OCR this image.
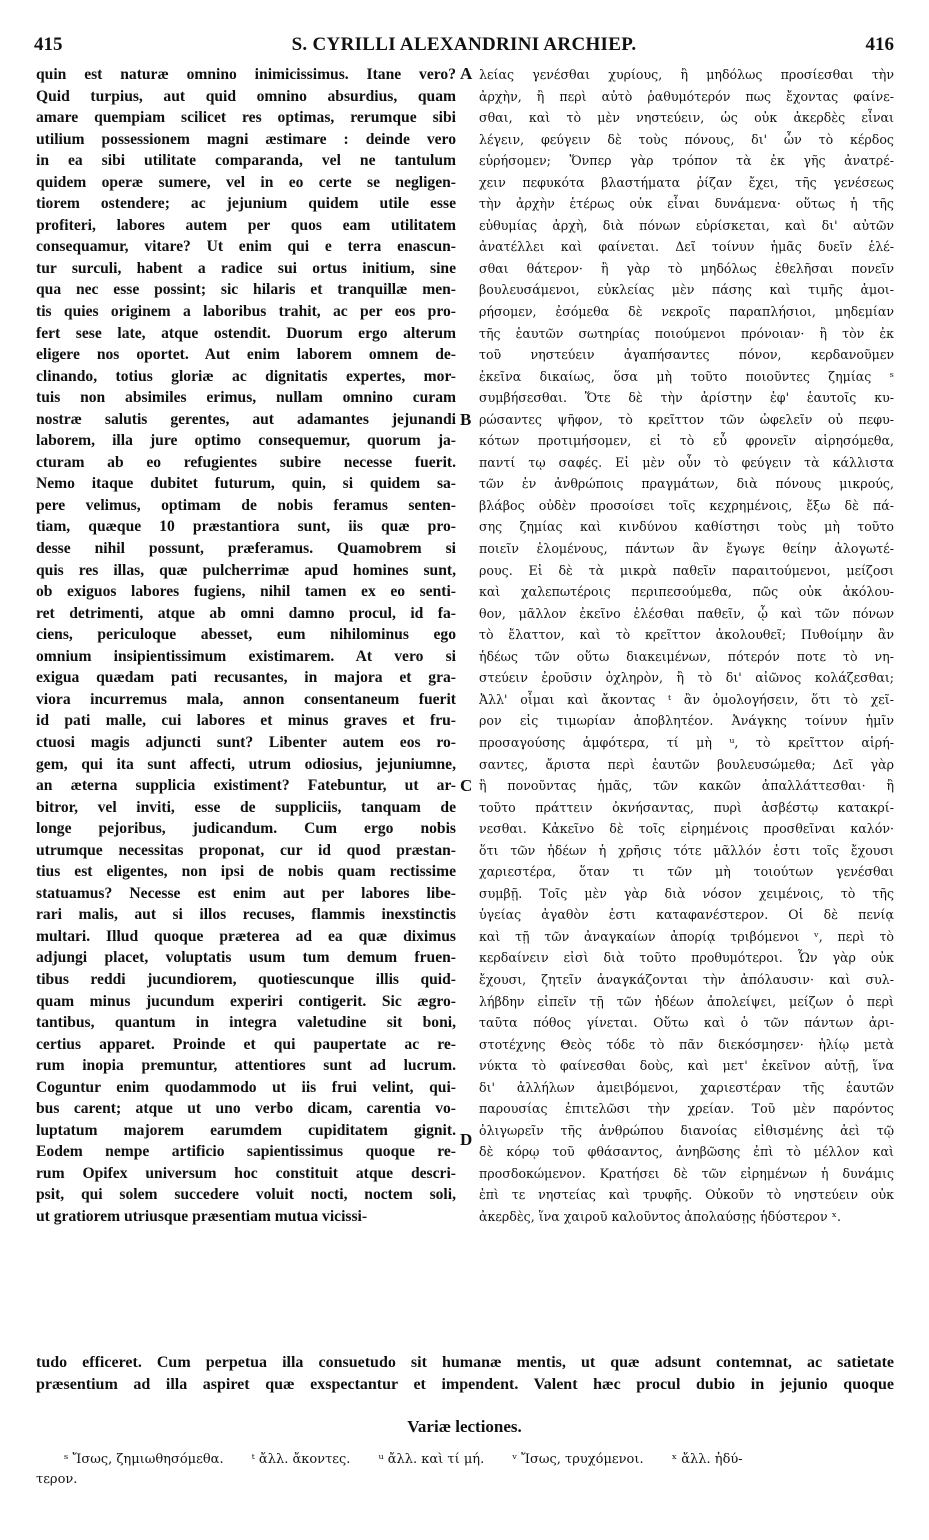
415	S. CYRILLI ALEXANDRINI ARCHIEP.	416
quin est naturæ omnino inimicissimus. Itane vero?
Quid turpius, aut quid omnino absurdius, quam
amare quempiam scilicet res optimas, rerumque sibi
utilium possessionem magni æstimare : deinde vero
in ea sibi utilitate comparanda, vel ne tantulum
quidem operæ sumere, vel in eo certe se negligen-
tiorem ostendere; ac jejunium quidem utile esse
profiteri, labores autem per quos eam utilitatem
consequamur, vitare? Ut enim qui e terra enascun-
tur surculi, habent a radice sui ortus initium, sine
qua nec esse possint; sic hilaris et tranquillæ men-
tis quies originem a laboribus trahit, ac per eos pro-
fert sese late, atque ostendit. Duorum ergo alterum
eligere nos oportet. Aut enim laborem omnem de-
clinando, totius gloriæ ac dignitatis expertes, mor-
tuis non absimiles erimus, nullam omnino curam
nostræ salutis gerentes, aut adamantes jejunandi
laborem, illa jure optimo consequemur, quorum ja-
cturam ab eo refugientes subire necesse fuerit.
Nemo itaque dubitet futurum, quin, si quidem sa-
pere velimus, optimam de nobis feramus senten-
tiam, quæque 10 præstantiora sunt, iis quæ pro-
desse nihil possunt, præferamus. Quamobrem si
quis res illas, quæ pulcherrimæ apud homines sunt,
ob exiguos labores fugiens, nihil tamen ex eo senti-
ret detrimenti, atque ab omni damno procul, id fa-
ciens, periculoque abesset, eum nihilominus ego
omnium insipientissimum existimarem. At vero si
exigua quædam pati recusantes, in majora et gra-
viora incurremus mala, annon consentaneum fuerit
id pati malle, cui labores et minus graves et fru-
ctuosi magis adjuncti sunt? Libenter autem eos ro-
gem, qui ita sunt affecti, utrum odiosius, jejuniumne,
an æterna supplicia existiment? Fatebuntur, ut ar-
bitror, vel inviti, esse de suppliciis, tanquam de
longe pejoribus, judicandum. Cum ergo nobis
utrumque necessitas proponat, cur id quod præstan-
tius est eligentes, non ipsi de nobis quam rectissime
statuamus? Necesse est enim aut per labores libe-
rari malis, aut si illos recuses, flammis inexstinctis
multari. Illud quoque præterea ad ea quæ diximus
adjungi placet, voluptatis usum tum demum fruen-
tibus reddi jucundiorem, quotiescunque illis quid-
quam minus jucundum experiri contigerit. Sic ægro-
tantibus, quantum in integra valetudine sit boni,
certius apparet. Proinde et qui paupertate ac re-
rum inopia premuntur, attentiores sunt ad lucrum.
Coguntur enim quodammodo ut iis frui velint, qui-
bus carent; atque ut uno verbo dicam, carentia vo-
luptatum majorem earumdem cupiditatem gignit.
Eodem nempe artificio sapientissimus quoque re-
rum Opifex universum hoc constituit atque descri-
psit, qui solem succedere voluit nocti, noctem soli,
ut gratiorem utriusque præsentiam mutua vicissi-
λείας γενέσθαι χυρίους, ἢ μηδόλως προσίεσθαι τὴν
ἀρχὴν, ἢ περὶ αὐτὸ ῥαθυμότερόν πως ἔχοντας φαίνε-
σθαι, καὶ τὸ μὲν νηστεύειν, ὡς οὐκ ἀκερδὲς εἶναι
λέγειν, φεύγειν δὲ τοὺς πόνους, δι' ὧν τὸ κέρδος
εὑρήσομεν; Ὅνπερ γὰρ τρόπον τὰ ἐκ γῆς ἀνατρέ-
χειν πεφυκότα βλαστήματα ῥίζαν ἔχει, τῆς γενέσεως
τὴν ἀρχὴν ἑτέρως οὐκ εἶναι δυνάμενα· οὕτως ἡ τῆς
εὐθυμίας ἀρχὴ, διὰ πόνων εὑρίσκεται, καὶ δι' αὐτῶν
ἀνατέλλει καὶ φαίνεται. Δεῖ τοίνυν ἡμᾶς δυεῖν ἑλέ-
σθαι θάτερον· ἢ γὰρ τὸ μηδόλως ἐθελῆσαι πονεῖν
βουλευσάμενοι, εὐκλείας μὲν πάσης καὶ τιμῆς ἀμοι-
ρήσομεν, ἐσόμεθα δὲ νεκροῖς παραπλήσιοι, μηδεμίαν
τῆς ἑαυτῶν σωτηρίας ποιούμενοι πρόνοιαν· ἢ τὸν ἐκ
τοῦ νηστεύειν ἀγαπήσαντες πόνον, κερδανοῦμεν
ἐκεῖνα δικαίως, ὅσα μὴ τοῦτο ποιοῦντες ζημίας ˢ
συμβήσεσθαι. Ὅτε δὲ τὴν ἀρίστην ἐφ' ἑαυτοῖς κυ-
ρώσαντες ψῆφον, τὸ κρεῖττον τῶν ὠφελεῖν οὐ πεφυ-
κότων προτιμήσομεν, εἰ τὸ εὖ φρονεῖν αἱρησόμεθα,
παντί τῳ σαφές. Εἰ μὲν οὖν τὸ φεύγειν τὰ κάλλιστα
τῶν ἐν ἀνθρώποις πραγμάτων, διὰ πόνους μικρούς,
βλάβος οὐδὲν προσοίσει τοῖς κεχρημένοις, ἔξω δὲ πά-
σης ζημίας καὶ κινδύνου καθίστησι τοὺς μὴ τοῦτο
ποιεῖν ἑλομένους, πάντων ἂν ἔγωγε θείην ἀλογωτέ-
ρους. Εἰ δὲ τὰ μικρὰ παθεῖν παραιτούμενοι, μείζοσι
καὶ χαλεπωτέροις περιπεσούμεθα, πῶς οὐκ ἀκόλου-
θον, μᾶλλον ἐκεῖνο ἑλέσθαι παθεῖν, ᾧ καὶ τῶν πόνων
τὸ ἔλαττον, καὶ τὸ κρεῖττον ἀκολουθεῖ; Πυθοίμην ἂν
ἡδέως τῶν οὕτω διακειμένων, πότερόν ποτε τὸ νη-
στεύειν ἐροῦσιν ὀχληρὸν, ἢ τὸ δι' αἰῶνος κολάζεσθαι;
Ἀλλ' οἶμαι καὶ ἄκοντας ᵗ ἂν ὁμολογήσειν, ὅτι τὸ χεῖ-
ρον εἰς τιμωρίαν ἀποβλητέον. Ἀνάγκης τοίνυν ἡμῖν
προσαγούσης ἀμφότερα, τί μὴ ᵘ, τὸ κρεῖττον αἱρή-
σαντες, ἄριστα περὶ ἑαυτῶν βουλευσώμεθα; Δεῖ γὰρ
ἢ πονοῦντας ἡμᾶς, τῶν κακῶν ἀπαλλάττεσθαι· ἢ
τοῦτο πράττειν ὀκνήσαντας, πυρὶ ἀσβέστῳ κατακρί-
νεσθαι. Κἀκεῖνο δὲ τοῖς εἰρημένοις προσθεῖναι καλόν·
ὅτι τῶν ἡδέων ἡ χρῆσις τότε μᾶλλόν ἐστι τοῖς ἔχουσι
χαριεστέρα, ὅταν τι τῶν μὴ τοιούτων γενέσθαι
συμβῇ. Τοῖς μὲν γὰρ διὰ νόσον χειμένοις, τὸ τῆς
ὑγείας ἀγαθὸν ἐστι καταφανέστερον. Οἱ δὲ πενίᾳ
καὶ τῇ τῶν ἀναγκαίων ἀπορίᾳ τριβόμενοι ᵛ, περὶ τὸ
κερδαίνειν εἰσὶ διὰ τοῦτο προθυμότεροι. Ὧν γὰρ οὐκ
ἔχουσι, ζητεῖν ἀναγκάζονται τὴν ἀπόλαυσιν· καὶ συλ-
λήβδην εἰπεῖν τῇ τῶν ἡδέων ἀπολείψει, μείζων ὁ περὶ
ταῦτα πόθος γίνεται. Οὕτω καὶ ὁ τῶν πάντων ἀρι-
στοτέχνης Θεὸς τόδε τὸ πᾶν διεκόσμησεν· ἡλίῳ μετὰ
νύκτα τὸ φαίνεσθαι δοὺς, καὶ μετ' ἐκεῖνον αὐτῇ, ἵνα
δι' ἀλλήλων ἀμειβόμενοι, χαριεστέραν τῆς ἑαυτῶν
παρουσίας ἐπιτελῶσι τὴν χρείαν. Τοῦ μὲν παρόντος
ὀλιγωρεῖν τῆς ἀνθρώπου διανοίας εἰθισμένης ἀεὶ τῷ
δὲ κόρῳ τοῦ φθάσαντος, ἀνηβῶσης ἐπὶ τὸ μέλλον καὶ
προσδοκώμενον. Κρατήσει δὲ τῶν εἰρημένων ἡ δυνάμις
ἐπὶ τε νηστείας καὶ τρυφῆς. Οὐκοῦν τὸ νηστεύειν οὐκ
ἀκερδὲς, ἵνα χαιροῦ καλοῦντος ἀπολαύσῃς ἡδύστερον ˣ.
A
B
C
D
tudo efficeret. Cum perpetua illa consuetudo sit humanæ mentis, ut quæ adsunt contemnat, ac satietate
præsentium ad illa aspiret quæ exspectantur et impendent. Valent hæc procul dubio in jejunio quoque
Variæ lectiones.
ˢ Ἴσως, ζημιωθησόμεθα. ᵗ ἄλλ. ἄκοντες. ᵘ ἄλλ. καὶ τί μή. ᵛ Ἴσως, τρυχόμενοι. ˣ ἄλλ. ἡδύ-
τερον.
